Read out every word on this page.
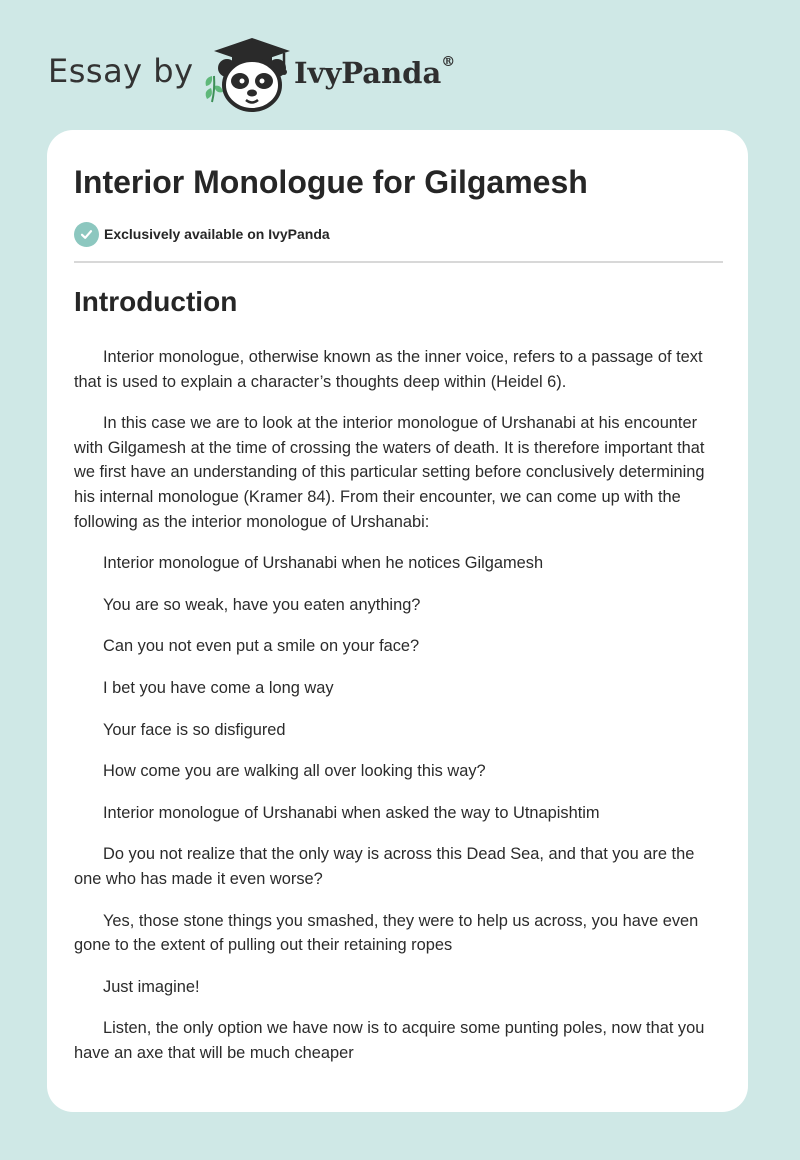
Essay by	IvyPanda®
Interior Monologue for Gilgamesh
Exclusively available on IvyPanda
Introduction

Interior monologue, otherwise known as the inner voice, refers to a passage of text that is used to explain a character’s thoughts deep within (Heidel 6).

In this case we are to look at the interior monologue of Urshanabi at his encounter with Gilgamesh at the time of crossing the waters of death. It is therefore important that we first have an understanding of this particular setting before conclusively determining his internal monologue (Kramer 84). From their encounter, we can come up with the following as the interior monologue of Urshanabi:

Interior monologue of Urshanabi when he notices Gilgamesh

You are so weak, have you eaten anything?

Can you not even put a smile on your face?

I bet you have come a long way

Your face is so disfigured

How come you are walking all over looking this way?

Interior monologue of Urshanabi when asked the way to Utnapishtim

Do you not realize that the only way is across this Dead Sea, and that you are the one who has made it even worse?

Yes, those stone things you smashed, they were to help us across, you have even gone to the extent of pulling out their retaining ropes

Just imagine!

Listen, the only option we have now is to acquire some punting poles, now that you have an axe that will be much cheaper
